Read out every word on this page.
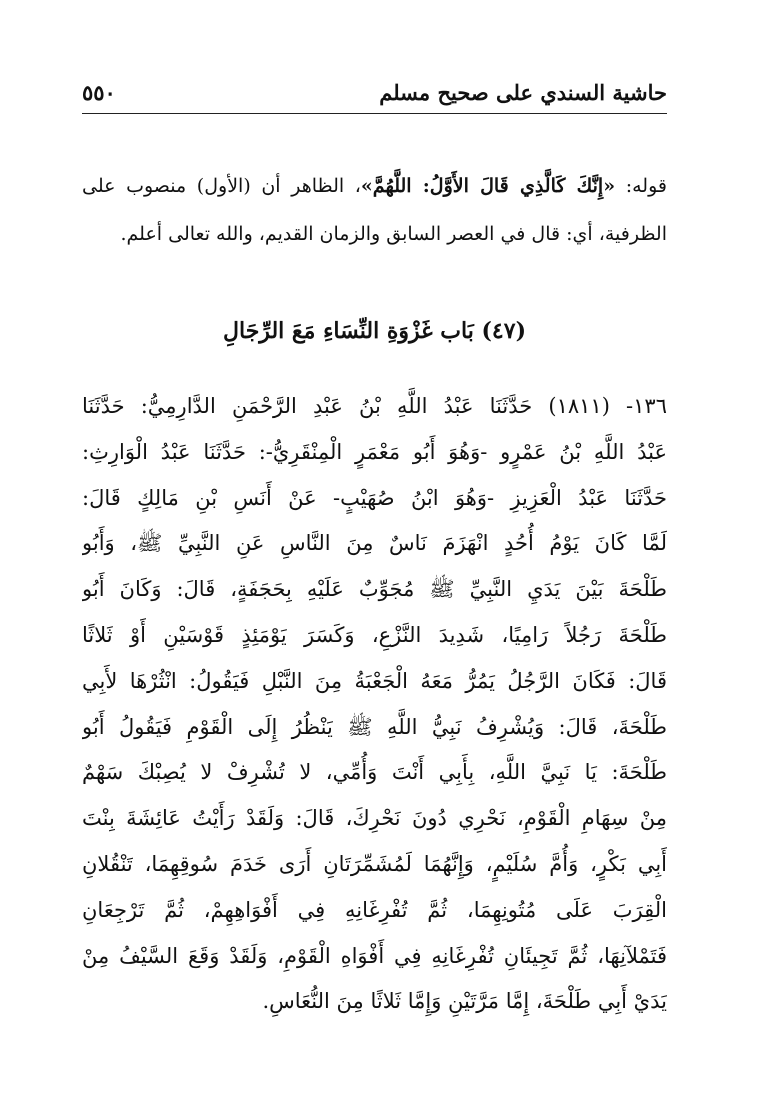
حاشية السندي على صحيح مسلم
٥٥٠

قوله: «إِنَّكَ كَالَّذِي قَالَ الأَوَّلُ: اللَّهُمَّ»، الظاهر أن (الأول) منصوب على الظرفية، أي: قال في العصر السابق والزمان القديم، والله تعالى أعلم.

(٤٧) بَاب غَزْوَةِ النِّسَاءِ مَعَ الرِّجَالِ
١٣٦- (١٨١١) حَدَّثَنَا عَبْدُ اللَّهِ بْنُ عَبْدِ الرَّحْمَنِ الدَّارِمِيُّ: حَدَّثَنَا
عَبْدُ اللَّهِ بْنُ عَمْرٍو -وَهُوَ أَبُو مَعْمَرٍ الْمِنْقَرِيُّ-: حَدَّثَنَا عَبْدُ الْوَارِثِ:
حَدَّثَنَا عَبْدُ الْعَزِيزِ -وَهُوَ ابْنُ صُهَيْبٍ- عَنْ أَنَسِ بْنِ مَالِكٍ قَالَ:
لَمَّا كَانَ يَوْمُ أُحُدٍ انْهَزَمَ نَاسٌ مِنَ النَّاسِ عَنِ النَّبِيِّ ﷺ، وَأَبُو
طَلْحَةَ بَيْنَ يَدَيِ النَّبِيِّ ﷺ مُجَوِّبٌ عَلَيْهِ بِحَجَفَةٍ، قَالَ: وَكَانَ أَبُو
طَلْحَةَ رَجُلاً رَامِيًا، شَدِيدَ النَّزْعِ، وَكَسَرَ يَوْمَئِذٍ قَوْسَيْنِ أَوْ ثَلاثًا
قَالَ: فَكَانَ الرَّجُلُ يَمُرُّ مَعَهُ الْجَعْبَةُ مِنَ النَّبْلِ فَيَقُولُ: انْثُرْهَا لأَبِي
طَلْحَةَ، قَالَ: وَيُشْرِفُ نَبِيُّ اللَّهِ ﷺ يَنْظُرُ إِلَى الْقَوْمِ فَيَقُولُ أَبُو
طَلْحَةَ: يَا نَبِيَّ اللَّهِ، بِأَبِي أَنْتَ وَأُمِّي، لا تُشْرِفْ لا يُصِبْكَ سَهْمٌ
مِنْ سِهَامِ الْقَوْمِ، نَحْرِي دُونَ نَحْرِكَ، قَالَ: وَلَقَدْ رَأَيْتُ عَائِشَةَ بِنْتَ
أَبِي بَكْرٍ، وَأُمَّ سُلَيْمٍ، وَإِنَّهُمَا لَمُشَمِّرَتَانِ أَرَى خَدَمَ سُوقِهِمَا، تَنْقُلانِ
الْقِرَبَ عَلَى مُتُونِهِمَا، ثُمَّ تُفْرِغَانِهِ فِي أَفْوَاهِهِمْ، ثُمَّ تَرْجِعَانِ
فَتَمْلآنِهَا، ثُمَّ تَجِيئَانِ تُفْرِغَانِهِ فِي أَفْوَاهِ الْقَوْمِ، وَلَقَدْ وَقَعَ السَّيْفُ مِنْ
يَدَيْ أَبِي طَلْحَةَ، إِمَّا مَرَّتَيْنِ وَإِمَّا ثَلاثًا مِنَ النُّعَاسِ.
